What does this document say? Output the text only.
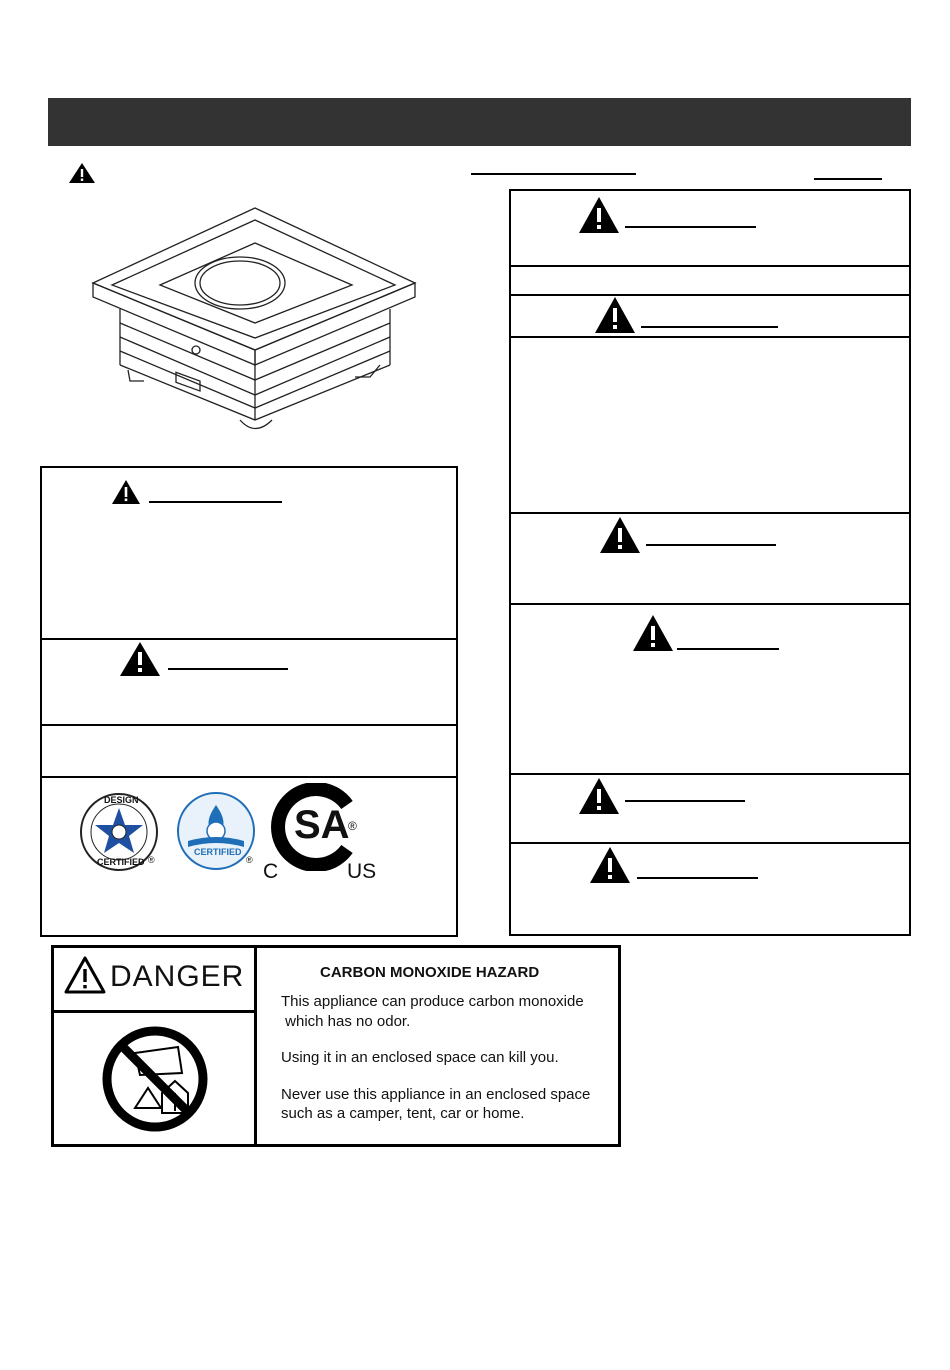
DESIGN
CERTIFIED ®
CERTIFIED
®
SA
®
C	US
DANGER	CARBON MONOXIDE HAZARD
This appliance can produce carbon monoxide
which has no odor.
Using it in an enclosed space can kill you.
Never use this appliance in an enclosed space
such as a camper, tent, car or home.
